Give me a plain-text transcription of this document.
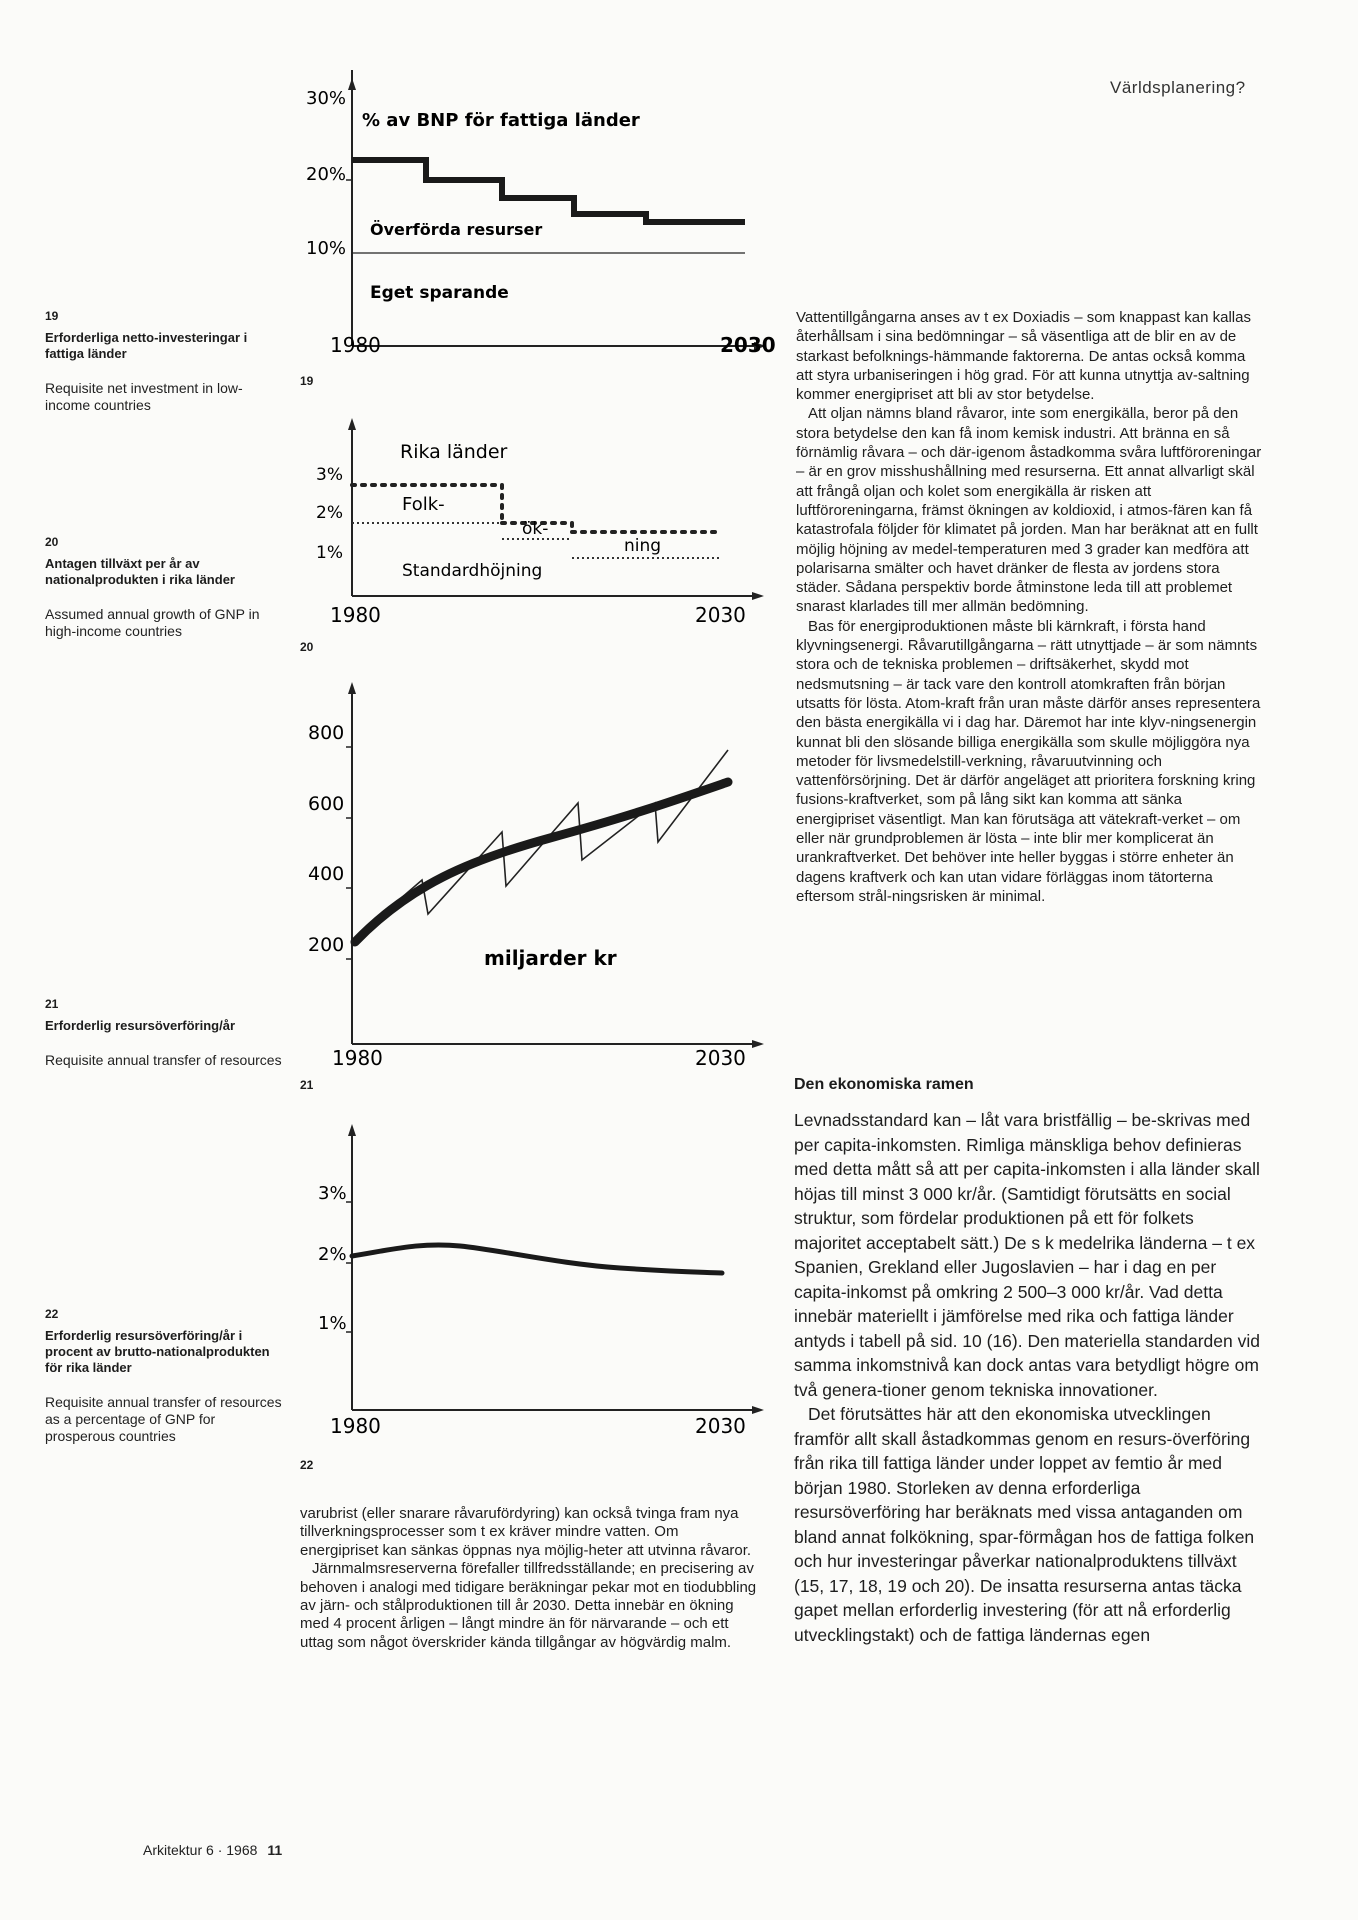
Världsplanering?
19
Erforderliga netto-investeringar i fattiga länder
Requisite net investment in low-income countries
20
Antagen tillväxt per år av nationalprodukten i rika länder
Assumed annual growth of GNP in high-income countries
21
Erforderlig resursöverföring/år
Requisite annual transfer of resources
22
Erforderlig resursöverföring/år i procent av brutto-nationalprodukten för rika länder
Requisite annual transfer of resources as a percentage of GNP for prosperous countries
19
20
21
22
30%
20%
10%
% av BNP för fattiga länder
Överförda resurser
Eget sparande
1980	2030
3%
2%
1%
Rika länder
Folk-
ök-
ning
Standardhöjning
1980	2030
800
600
400
200
miljarder kr
1980	2030
3%
2%
1%
1980	2030

Vattentillgångarna anses av t ex Doxiadis – som knappast kan kallas återhållsam i sina bedömningar – så väsentliga att de blir en av de starkast befolknings-hämmande faktorerna. De antas också komma att styra urbaniseringen i hög grad. För att kunna utnyttja av-saltning kommer energipriset att bli av stor betydelse.

Att oljan nämns bland råvaror, inte som energikälla, beror på den stora betydelse den kan få inom kemisk industri. Att bränna en så förnämlig råvara – och där-igenom åstadkomma svåra luftföroreningar – är en grov misshushållning med resurserna. Ett annat allvarligt skäl att frångå oljan och kolet som energikälla är risken att luftföroreningarna, främst ökningen av koldioxid, i atmos-fären kan få katastrofala följder för klimatet på jorden. Man har beräknat att en fullt möjlig höjning av medel-temperaturen med 3 grader kan medföra att polarisarna smälter och havet dränker de flesta av jordens stora städer. Sådana perspektiv borde åtminstone leda till att problemet snarast klarlades till mer allmän bedömning.

Bas för energiproduktionen måste bli kärnkraft, i första hand klyvningsenergi. Råvarutillgångarna – rätt utnyttjade – är som nämnts stora och de tekniska problemen – driftsäkerhet, skydd mot nedsmutsning – är tack vare den kontroll atomkraften från början utsatts för lösta. Atom-kraft från uran måste därför anses representera den bästa energikälla vi i dag har. Däremot har inte klyv-ningsenergin kunnat bli den slösande billiga energikälla som skulle möjliggöra nya metoder för livsmedelstill-verkning, råvaruutvinning och vattenförsörjning. Det är därför angeläget att prioritera forskning kring fusions-kraftverket, som på lång sikt kan komma att sänka energipriset väsentligt. Man kan förutsäga att vätekraft-verket – om eller när grundproblemen är lösta – inte blir mer komplicerat än urankraftverket. Det behöver inte heller byggas i större enheter än dagens kraftverk och kan utan vidare förläggas inom tätorterna eftersom strål-ningsrisken är minimal.

Den ekonomiska ramen

Levnadsstandard kan – låt vara bristfällig – be-skrivas med per capita-inkomsten. Rimliga mänskliga behov definieras med detta mått så att per capita-inkomsten i alla länder skall höjas till minst 3 000 kr/år. (Samtidigt förutsätts en social struktur, som fördelar produktionen på ett för folkets majoritet acceptabelt sätt.) De s k medelrika länderna – t ex Spanien, Grekland eller Jugoslavien – har i dag en per capita-inkomst på omkring 2 500–3 000 kr/år. Vad detta innebär materiellt i jämförelse med rika och fattiga länder antyds i tabell på sid. 10 (16). Den materiella standarden vid samma inkomstnivå kan dock antas vara betydligt högre om två genera-tioner genom tekniska innovationer.

Det förutsättes här att den ekonomiska utvecklingen framför allt skall åstadkommas genom en resurs-överföring från rika till fattiga länder under loppet av femtio år med början 1980. Storleken av denna erforderliga resursöverföring har beräknats med vissa antaganden om bland annat folkökning, spar-förmågan hos de fattiga folken och hur investeringar påverkar nationalproduktens tillväxt (15, 17, 18, 19 och 20). De insatta resurserna antas täcka gapet mellan erforderlig investering (för att nå erforderlig utvecklingstakt) och de fattiga ländernas egen

varubrist (eller snarare råvarufördyring) kan också tvinga fram nya tillverkningsprocesser som t ex kräver mindre vatten. Om energipriset kan sänkas öppnas nya möjlig-heter att utvinna råvaror.

Järnmalmsreserverna förefaller tillfredsställande; en precisering av behoven i analogi med tidigare beräkningar pekar mot en tiodubbling av järn- och stålproduktionen till år 2030. Detta innebär en ökning med 4 procent årligen – långt mindre än för närvarande – och ett uttag som något överskrider kända tillgångar av högvärdig malm.

Arkitektur 6 · 1968 11
